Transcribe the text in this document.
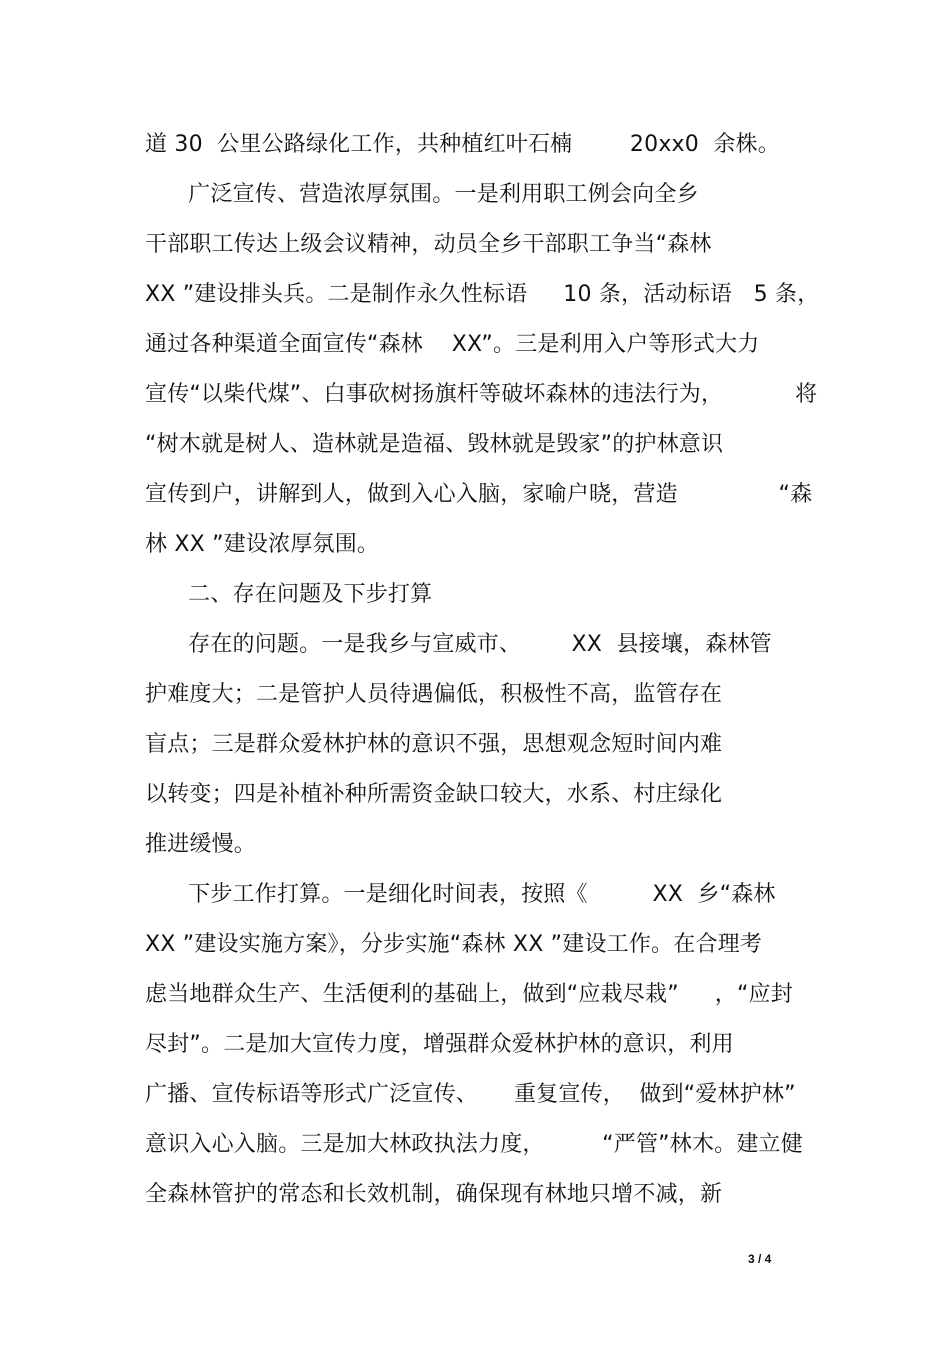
道 30  公里公路绿化工作，共种植红叶石楠        20xx0  余株。
广泛宣传、营造浓厚氛围。一是利用职工例会向全乡
干部职工传达上级会议精神，动员全乡干部职工争当“森林
XX ”建设排头兵。二是制作永久性标语     10 条，活动标语   5 条，
通过各种渠道全面宣传“森林    XX”。三是利用入户等形式大力
宣传“以柴代煤”、白事砍树扬旗杆等破坏森林的违法行为，          将
“树木就是树人、造林就是造福、毁林就是毁家”的护林意识
宣传到户，讲解到人，做到入心入脑，家喻户晓，营造              “森
林 XX ”建设浓厚氛围。
二、存在问题及下步打算
存在的问题。一是我乡与宣威市、       XX  县接壤，森林管
护难度大；二是管护人员待遇偏低，积极性不高，监管存在
盲点；三是群众爱林护林的意识不强，思想观念短时间内难
以转变；四是补植补种所需资金缺口较大，水系、村庄绿化
推进缓慢。
下步工作打算。一是细化时间表，按照《         XX  乡“森林
XX ”建设实施方案》，分步实施“森林 XX ”建设工作。在合理考
虑当地群众生产、生活便利的基础上，做到“应栽尽栽”     ，“应封
尽封”。二是加大宣传力度，增强群众爱林护林的意识，利用
广播、宣传标语等形式广泛宣传、     重复宣传，  做到“爱林护林”
意识入心入脑。三是加大林政执法力度，        “严管”林木。建立健
全森林管护的常态和长效机制，确保现有林地只增不减，新
3 / 4
